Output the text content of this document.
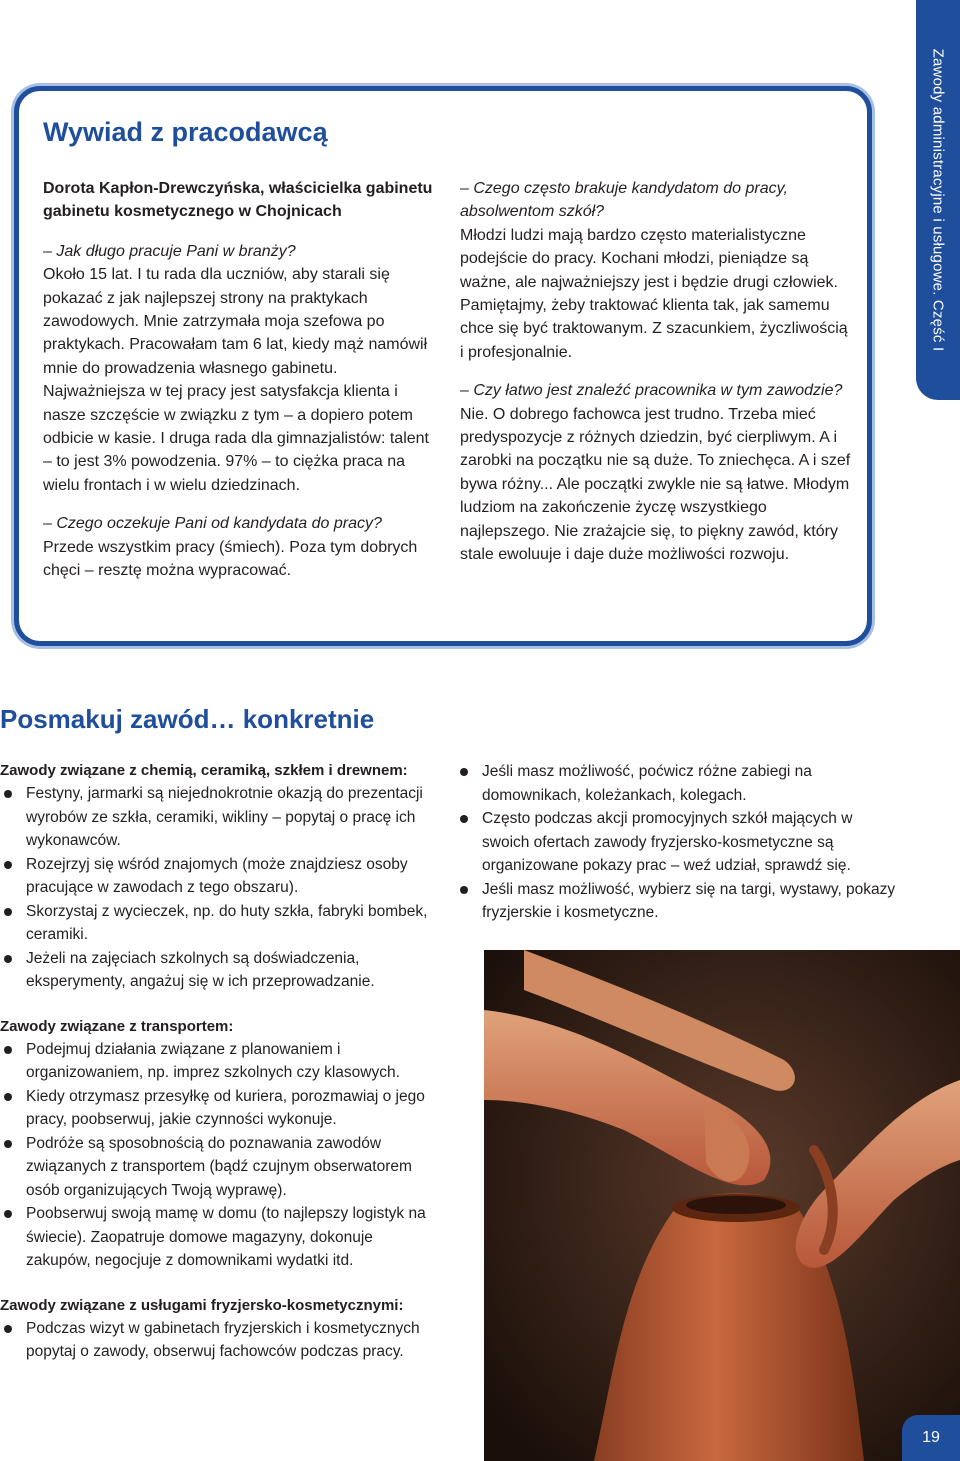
Zawody administracyjne i usługowe. Część I
Wywiad z pracodawcą

Dorota Kapłon-Drewczyńska, właścicielka gabinetu gabinetu kosmetycznego w Chojnicach

– Jak długo pracuje Pani w branży?

Około 15 lat. I tu rada dla uczniów, aby starali się pokazać z jak najlepszej strony na praktykach zawodowych. Mnie zatrzymała moja szefowa po praktykach. Pracowałam tam 6 lat, kiedy mąż namówił mnie do prowadzenia własnego gabinetu. Najważniejsza w tej pracy jest satysfakcja klienta i nasze szczęście w związku z tym – a dopiero potem odbicie w kasie. I druga rada dla gimnazjalistów: talent – to jest 3% powodzenia. 97% – to ciężka praca na wielu frontach i w wielu dziedzinach.

– Czego oczekuje Pani od kandydata do pracy?

Przede wszystkim pracy (śmiech). Poza tym dobrych chęci – resztę można wypracować.

– Czego często brakuje kandydatom do pracy, absolwentom szkół?

Młodzi ludzi mają bardzo często materialistyczne podejście do pracy. Kochani młodzi, pieniądze są ważne, ale najważniejszy jest i będzie drugi człowiek. Pamiętajmy, żeby traktować klienta tak, jak samemu chce się być traktowanym. Z szacunkiem, życzliwością i profesjonalnie.

– Czy łatwo jest znaleźć pracownika w tym zawodzie?

Nie. O dobrego fachowca jest trudno. Trzeba mieć predyspozycje z różnych dziedzin, być cierpliwym. A i zarobki na początku nie są duże. To zniechęca. A i szef bywa różny... Ale początki zwykle nie są łatwe. Młodym ludziom na zakończenie życzę wszystkiego najlepszego. Nie zrażajcie się, to piękny zawód, który stale ewoluuje i daje duże możliwości rozwoju.

Posmakuj zawód… konkretnie

Zawody związane z chemią, ceramiką, szkłem i drewnem:

Festyny, jarmarki są niejednokrotnie okazją do prezentacji wyrobów ze szkła, ceramiki, wikliny – popytaj o pracę ich wykonawców.
Rozejrzyj się wśród znajomych (może znajdziesz osoby pracujące w zawodach z tego obszaru).
Skorzystaj z wycieczek, np. do huty szkła, fabryki bombek, ceramiki.
Jeżeli na zajęciach szkolnych są doświadczenia, eksperymenty, angażuj się w ich przeprowadzanie.

Zawody związane z transportem:

Podejmuj działania związane z planowaniem i organizowaniem, np. imprez szkolnych czy klasowych.
Kiedy otrzymasz przesyłkę od kuriera, porozmawiaj o jego pracy, poobserwuj, jakie czynności wykonuje.
Podróże są sposobnością do poznawania zawodów związanych z transportem (bądź czujnym obserwatorem osób organizujących Twoją wyprawę).
Poobserwuj swoją mamę w domu (to najlepszy logistyk na świecie). Zaopatruje domowe magazyny, dokonuje zakupów, negocjuje z domownikami wydatki itd.

Zawody związane z usługami fryzjersko-kosmetycznymi:

Podczas wizyt w gabinetach fryzjerskich i kosmetycznych popytaj o zawody, obserwuj fachowców podczas pracy.
Jeśli masz możliwość, poćwicz różne zabiegi na domownikach, koleżankach, kolegach.
Często podczas akcji promocyjnych szkół mających w swoich ofertach zawody fryzjersko-kosmetyczne są organizowane pokazy prac – weź udział, sprawdź się.
Jeśli masz możliwość, wybierz się na targi, wystawy, pokazy fryzjerskie i kosmetyczne.
19
